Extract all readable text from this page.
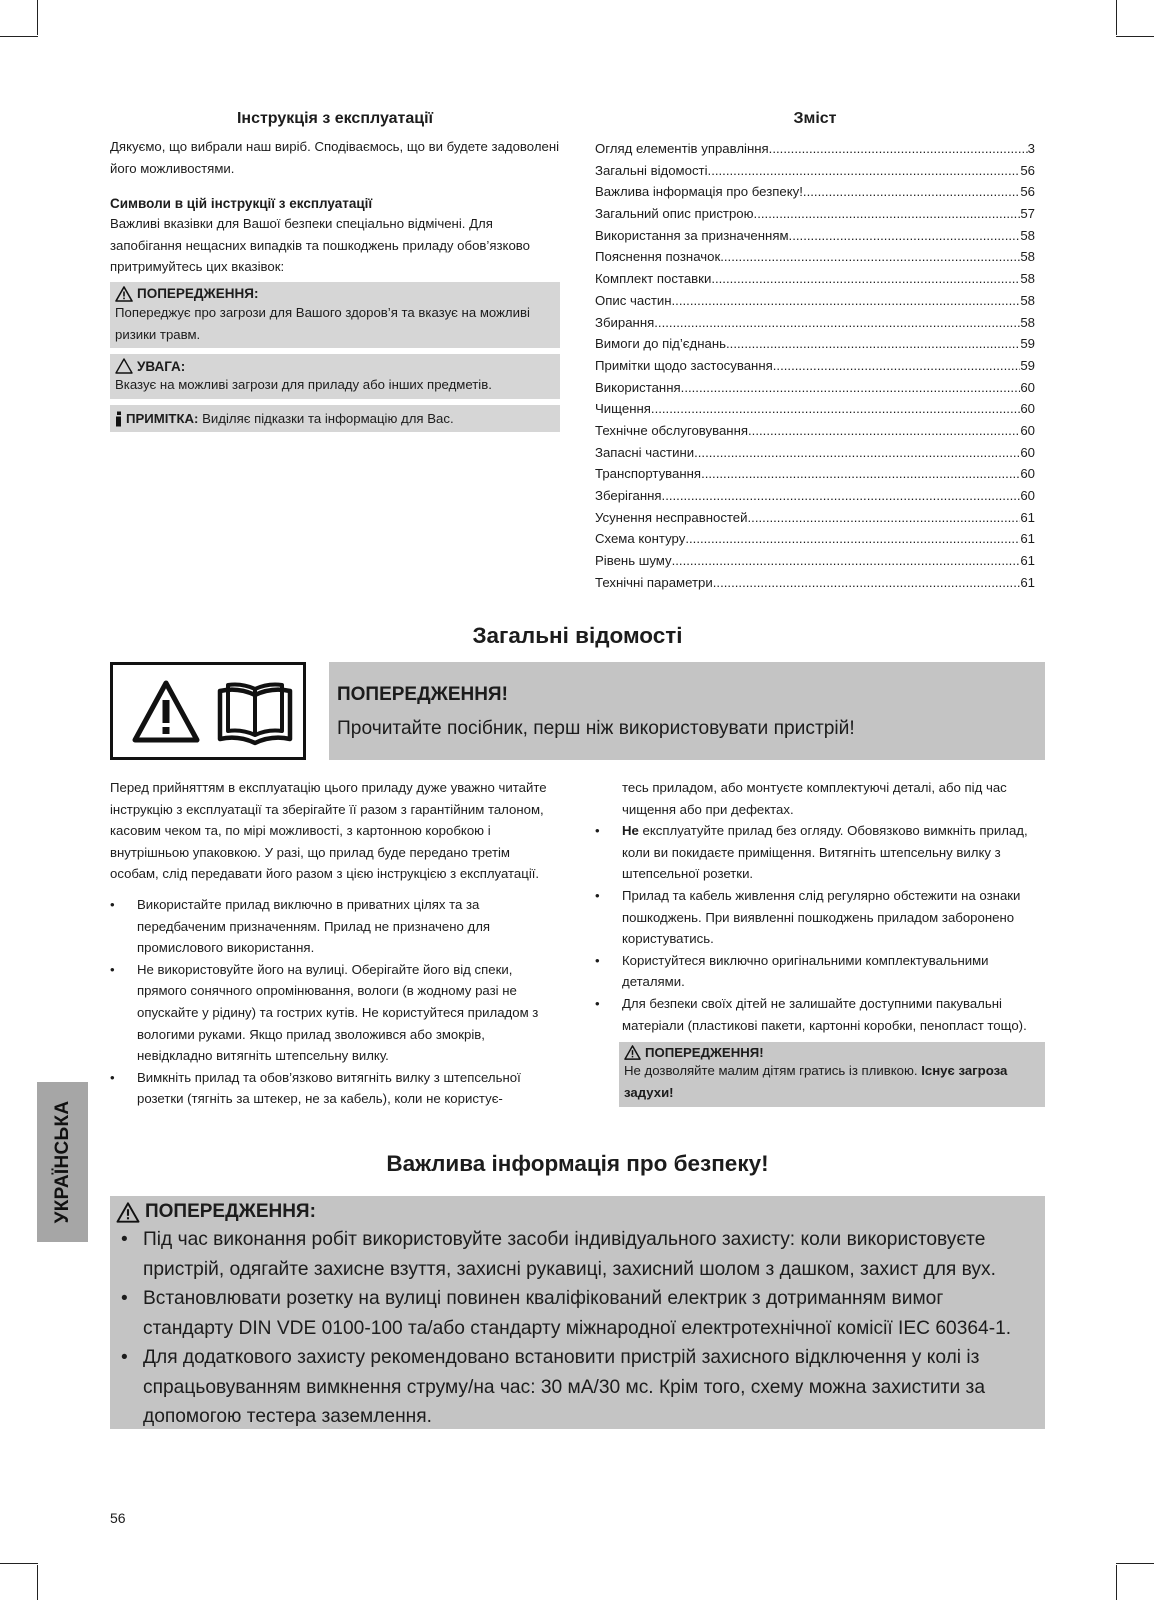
Інструкція з експлуатації

Дякуємо, що вибрали наш виріб. Сподіваємось, що ви будете задоволені його можливостями.

Символи в цій інструкції з експлуатації

Важливі вказівки для Вашої безпеки спеціально відмічені. Для запобігання нещасних випадків та пошкоджень приладу обов’язково притримуйтесь цих вказівок:

ПОПЕРЕДЖЕННЯ:

Попереджує про загрози для Вашого здоров’я та вказує на можливі ризики травм.

УВАГА:

Вказує на можливі загрози для приладу або інших предметів.

ПРИМІТКА:
Виділяє підказки та інформацію для Вас.
Зміст
Огляд елементів управління .....	3
Загальні відомості .....	56
Важлива інформація про безпеку! .....	56
Загальний опис пристрою .....	57
Використання за призначенням .....	58
Пояснення позначок .....	58
Комплект поставки .....	58
Опис частин .....	58
Збирання .....	58
Вимоги до під’єднань .....	59
Примітки щодо застосування .....	59
Використання .....	60
Чищення .....	60
Технічне обслуговування .....	60
Запасні частини .....	60
Транспортування .....	60
Зберігання .....	60
Усунення несправностей .....	61
Схема контуру .....	61
Рівень шуму .....	61
Технічні параметри .....	61
Загальні відомості
ПОПЕРЕДЖЕННЯ!
Прочитайте посібник, перш ніж використовувати пристрій!

Перед прийняттям в експлуатацію цього приладу дуже уважно читайте інструкцію з експлуатації та зберігайте її разом з гарантійним талоном, касовим чеком та, по мірі можливості, з картонною коробкою і внутрішньою упаковкою. У разі, що прилад буде передано третім особам, слід передавати його разом з цією інструкцією з експлуатації.

• Використайте прилад виключно в приватних цілях та за передбаченим призначенням. Прилад не призначено для промислового використання.
• Не використовуйте його на вулиці. Оберігайте його від спеки, прямого сонячного опромінювання, вологи (в жодному разі не опускайте у рідину) та гострих кутів. Не користуйтеся приладом з вологими руками. Якщо прилад зволожився або змокрів, невідкладно витягніть штепсельну вилку.
• Вимкніть прилад та обов’язково витягніть вилку з штепсельної розетки (тягніть за штекер, не за кабель), коли не користує-

тесь приладом, або монтуєте комплектуючі деталі, або під час чищення або при дефектах.

• Не експлуатуйте прилад без огляду. Обовязково вимкніть прилад, коли ви покидаєте приміщення. Витягніть штепсельну вилку з штепсельної розетки.
• Прилад та кабель живлення слід регулярно обстежити на ознаки пошкоджень. При виявленні пошкоджень приладом заборонено користуватись.
• Користуйтеся виключно оригінальними комплектувальними деталями.
• Для безпеки своїх дітей не залишайте доступними пакувальні матеріали (пластикові пакети, картонні коробки, пенопласт тощо).
ПОПЕРЕДЖЕННЯ!

Не дозволяйте малим дітям гратись із пливкою. Існує загроза задухи!

Важлива інформація про безпеку!
ПОПЕРЕДЖЕННЯ:
• Під час виконання робіт використовуйте засоби індивідуального захисту: коли використовуєте пристрій, одягайте захисне взуття, захисні рукавиці, захисний шолом з дашком, захист для вух.
• Встановлювати розетку на вулиці повинен кваліфікований електрик з дотриманням вимог стандарту DIN VDE 0100-100 та/або стандарту міжнародної електротехнічної комісії IEC 60364-1.
• Для додаткового захисту рекомендовано встановити пристрій захисного відключення у колі із спрацьовуванням вимкнення струму/на час: 30 мА/30 мс. Крім того, схему можна захистити за допомогою тестера заземлення.
УКРАЇНСЬКА
56
